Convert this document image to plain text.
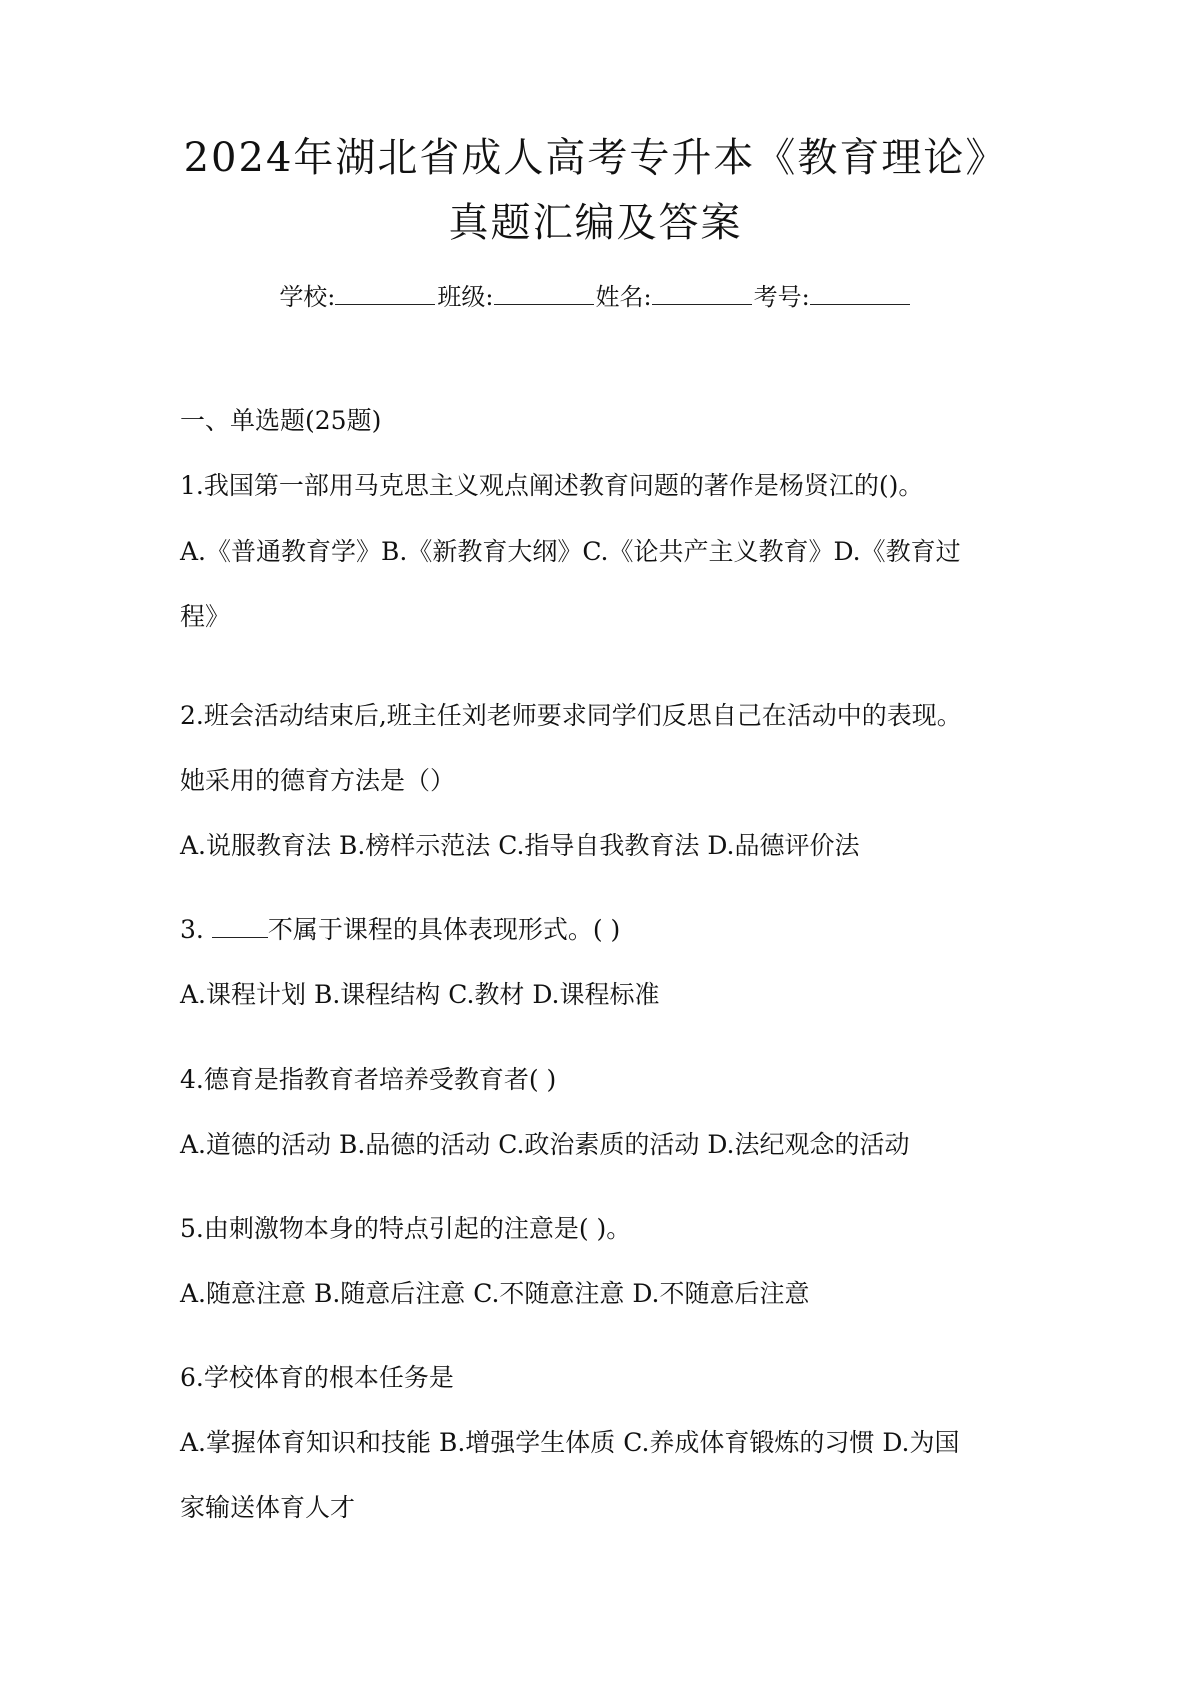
2024年湖北省成人高考专升本《教育理论》
真题汇编及答案
学校:	班级:	姓名:	考号:
一、单选题(25题)
1.我国第一部用马克思主义观点阐述教育问题的著作是杨贤江的()。
A.《普通教育学》B.《新教育大纲》C.《论共产主义教育》D.《教育过
程》
2.班会活动结束后,班主任刘老师要求同学们反思自己在活动中的表现。
她采用的德育方法是（）
A.说服教育法 B.榜样示范法 C.指导自我教育法 D.品德评价法
3.	不属于课程的具体表现形式。( )
A.课程计划 B.课程结构 C.教材 D.课程标准
4.德育是指教育者培养受教育者( )
A.道德的活动 B.品德的活动 C.政治素质的活动 D.法纪观念的活动
5.由刺激物本身的特点引起的注意是( )。
A.随意注意 B.随意后注意 C.不随意注意 D.不随意后注意
6.学校体育的根本任务是
A.掌握体育知识和技能 B.增强学生体质 C.养成体育锻炼的习惯 D.为国
家输送体育人才
